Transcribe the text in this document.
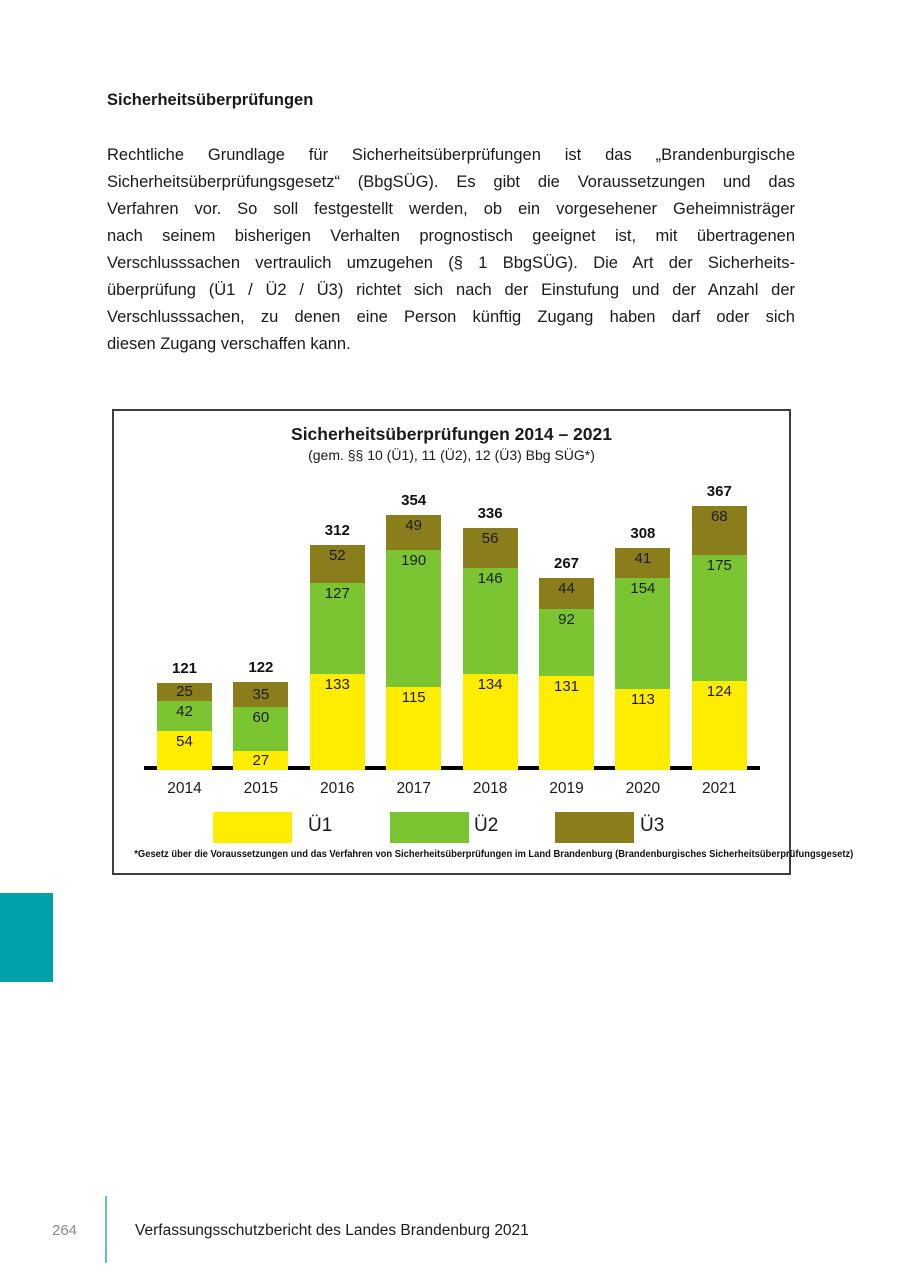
Sicherheitsüberprüfungen
Rechtliche Grundlage für Sicherheitsüberprüfungen ist das „Brandenburgische
Sicherheitsüberprüfungsgesetz“ (BbgSÜG). Es gibt die Voraussetzungen und das
Verfahren vor. So soll festgestellt werden, ob ein vorgesehener Geheimnisträger
nach seinem bisherigen Verhalten prognostisch geeignet ist, mit übertragenen
Verschlusssachen vertraulich umzugehen (§ 1 BbgSÜG). Die Art der Sicherheits-
überprüfung (Ü1 / Ü2 / Ü3) richtet sich nach der Einstufung und der Anzahl der
Verschlusssachen, zu denen eine Person künftig Zugang haben darf oder sich
diesen Zugang verschaffen kann.
Sicherheitsüberprüfungen 2014 – 2021
(gem. §§ 10 (Ü1), 11 (Ü2), 12 (Ü3) Bbg SÜG*)
54
42
25
121
27
60
35
122
133
127
52
312
115
190
49
354
134
146
56
336
131
92
44
267
113
154
41
308
124
175
68
367
*Gesetz über die Voraussetzungen und das Verfahren von Sicherheitsüberprüfungen im Land Brandenburg (Brandenburgisches Sicherheitsüberprüfungsgesetz)
2014	2015	2016	2017	2018	2019	2020	2021
Ü1	Ü2	Ü3
264	Verfassungsschutzbericht des Landes Brandenburg 2021
